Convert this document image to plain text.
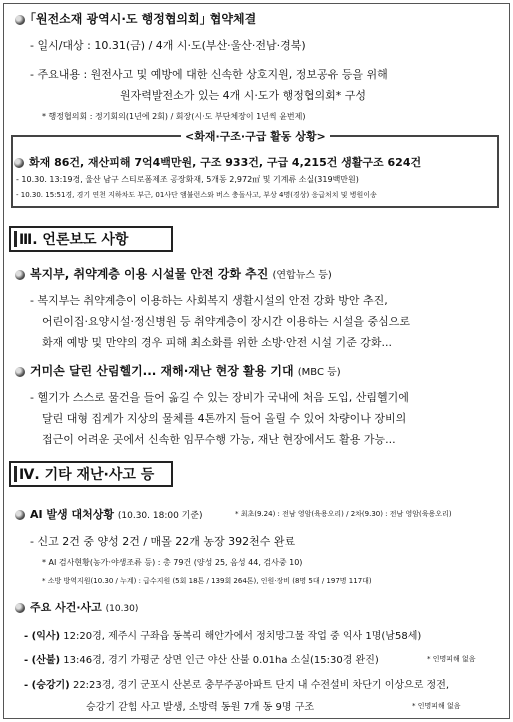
｢원전소재 광역시·도 행정협의회｣ 협약체결
- 일시/대상 : 10.31(금) / 4개 시·도(부산·울산·전남·경북)
- 주요내용 : 원전사고 및 예방에 대한 신속한 상호지원, 정보공유 등을 위해
원자력발전소가 있는 4개 시·도가 행정협의회* 구성
* 행정협의회 : 정기회의(1년에 2회) / 회장(시·도 부단체장이 1년씩 윤번제)
<화재·구조·구급 활동 상황>
화재 86건, 재산피해 7억4백만원, 구조 933건, 구급 4,215건 생활구조 624건
- 10.30. 13:19경, 울산 남구 스티로폼제조 공장화재, 5개동 2,972㎡ 및 기계류 소실(319백만원)
- 10.30. 15:51경, 경기 연천 지하차도 부근, 01사단 앰뷸런스와 버스 충돌사고, 부상 4명(경상) 응급처치 및 병원이송
Ⅲ. 언론보도 사항
복지부, 취약계층 이용 시설물 안전 강화 추진 (연합뉴스 등)
- 복지부는 취약계층이 이용하는 사회복지 생활시설의 안전 강화 방안 추진,
어린이집·요양시설·정신병원 등 취약계층이 장시간 이용하는 시설을 중심으로
화재 예방 및 만약의 경우 피해 최소화를 위한 소방·안전 시설 기준 강화...
거미손 달린 산림헬기... 재해·재난 현장 활용 기대 (MBC 등)
- 헬기가 스스로 물건을 들어 옮길 수 있는 장비가 국내에 처음 도입, 산림헬기에
달린 대형 집게가 지상의 물체를 4톤까지 들어 올릴 수 있어 차량이나 장비의
접근이 어려운 곳에서 신속한 임무수행 가능, 재난 현장에서도 활용 가능...
Ⅳ. 기타 재난·사고 등
AI 발생 대처상황 (10.30. 18:00 기준)	* 최초(9.24) : 전남 영암(육용오리) / 2차(9.30) : 전남 영암(육용오리)
- 신고 2건 중 양성 2건 / 매몰 22개 농장 392천수 완료
* AI 검사현황(농가·야생조류 등) : 총 79건 (양성 25, 음성 44, 검사중 10)
* 소방 방역지원(10.30 / 누계) : 급수지원 (5회 18톤 / 139회 264톤), 인원·장비 (8명 5대 / 197명 117대)
주요 사건·사고 (10.30)
- (익사) 12:20경, 제주시 구좌읍 동복리 해안가에서 정치망그물 작업 중 익사 1명(남58세)
- (산불) 13:46경, 경기 가평군 상면 인근 야산 산불 0.01ha 소실(15:30경 완진)	* 인명피해 없음
- (승강기) 22:23경, 경기 군포시 산본로 충무주공아파트 단지 내 수전설비 차단기 이상으로 정전,
승강기 갇힘 사고 발생, 소방력 동원 7개 동 9명 구조	* 인명피해 없음
